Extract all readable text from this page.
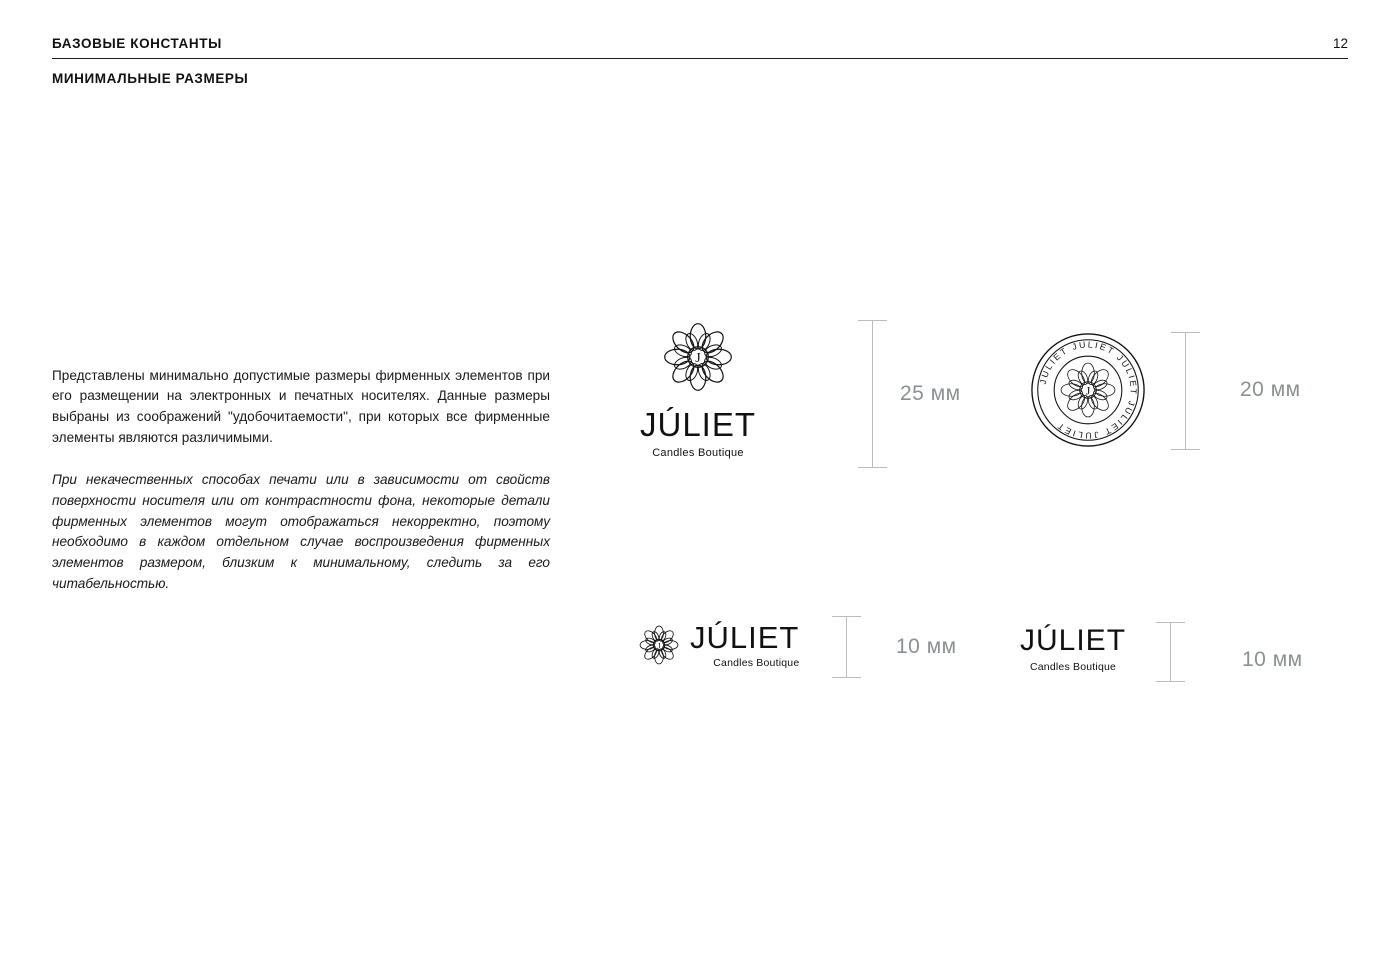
БАЗОВЫЕ КОНСТАНТЫ	12
МИНИМАЛЬНЫЕ РАЗМЕРЫ

Представлены минимально допустимые размеры фирменных элементов при его размещении на электронных и печатных носителях. Данные размеры выбраны из соображений "удобочитаемости", при которых все фирменные элементы являются различимыми.

При некачественных способах печати или в зависимости от свойств поверхности носителя или от контрастности фона, некоторые детали фирменных элементов могут отображаться некорректно, поэтому необходимо в каждом отдельном случае воспроизведения фирменных элементов размером, близким к минимальному, следить за его читабельностью.

J
JÚLIET
Candles Boutique
25 мм
JULIET JULIET JULIET JULIET JULIET
J	20 мм
J JÚLIET
Candles Boutique
10 мм JÚLIET
Candles Boutique	10 мм
